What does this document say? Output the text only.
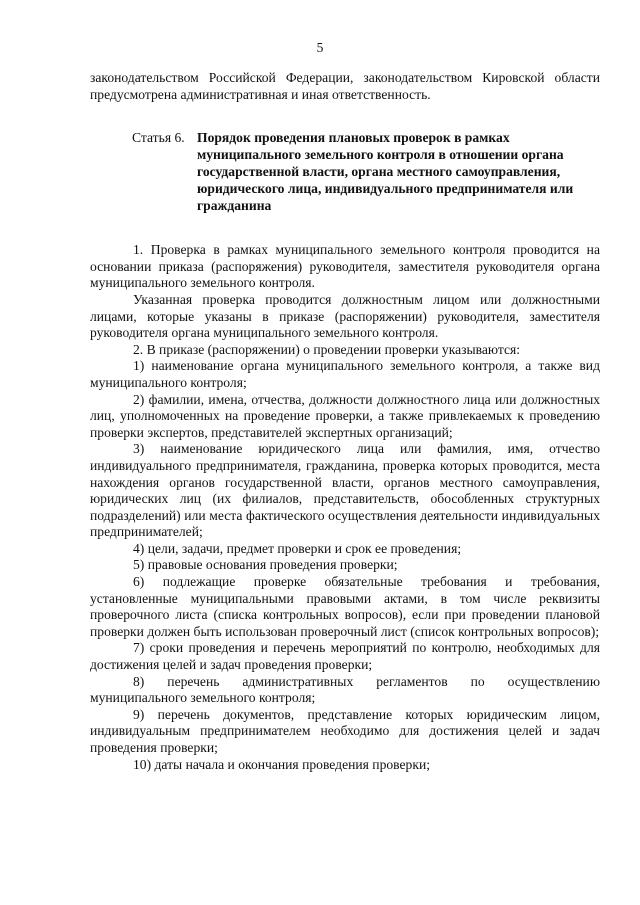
5

законодательством Российской Федерации, законодательством Кировской области предусмотрена административная и иная ответственность.

Статья 6. Порядок проведения плановых проверок в рамках муниципального земельного контроля в отношении органа государственной власти, органа местного самоуправления, юридического лица, индивидуального предпринимателя или гражданина

1. Проверка в рамках муниципального земельного контроля проводится на основании приказа (распоряжения) руководителя, заместителя руководителя органа муниципального земельного контроля.

Указанная проверка проводится должностным лицом или должностными лицами, которые указаны в приказе (распоряжении) руководителя, заместителя руководителя органа муниципального земельного контроля.

2. В приказе (распоряжении) о проведении проверки указываются:

1) наименование органа муниципального земельного контроля, а также вид муниципального контроля;

2) фамилии, имена, отчества, должности должностного лица или должностных лиц, уполномоченных на проведение проверки, а также привлекаемых к проведению проверки экспертов, представителей экспертных организаций;

3) наименование юридического лица или фамилия, имя, отчество индивидуального предпринимателя, гражданина, проверка которых проводится, места нахождения органов государственной власти, органов местного самоуправления, юридических лиц (их филиалов, представительств, обособленных структурных подразделений) или места фактического осуществления деятельности индивидуальных предпринимателей;

4) цели, задачи, предмет проверки и срок ее проведения;

5) правовые основания проведения проверки;

6) подлежащие проверке обязательные требования и требования, установленные муниципальными правовыми актами, в том числе реквизиты проверочного листа (списка контрольных вопросов), если при проведении плановой проверки должен быть использован проверочный лист (список контрольных вопросов);

7) сроки проведения и перечень мероприятий по контролю, необходимых для достижения целей и задач проведения проверки;

8) перечень административных регламентов по осуществлению муниципального земельного контроля;

9) перечень документов, представление которых юридическим лицом, индивидуальным предпринимателем необходимо для достижения целей и задач проведения проверки;

10) даты начала и окончания проведения проверки;
